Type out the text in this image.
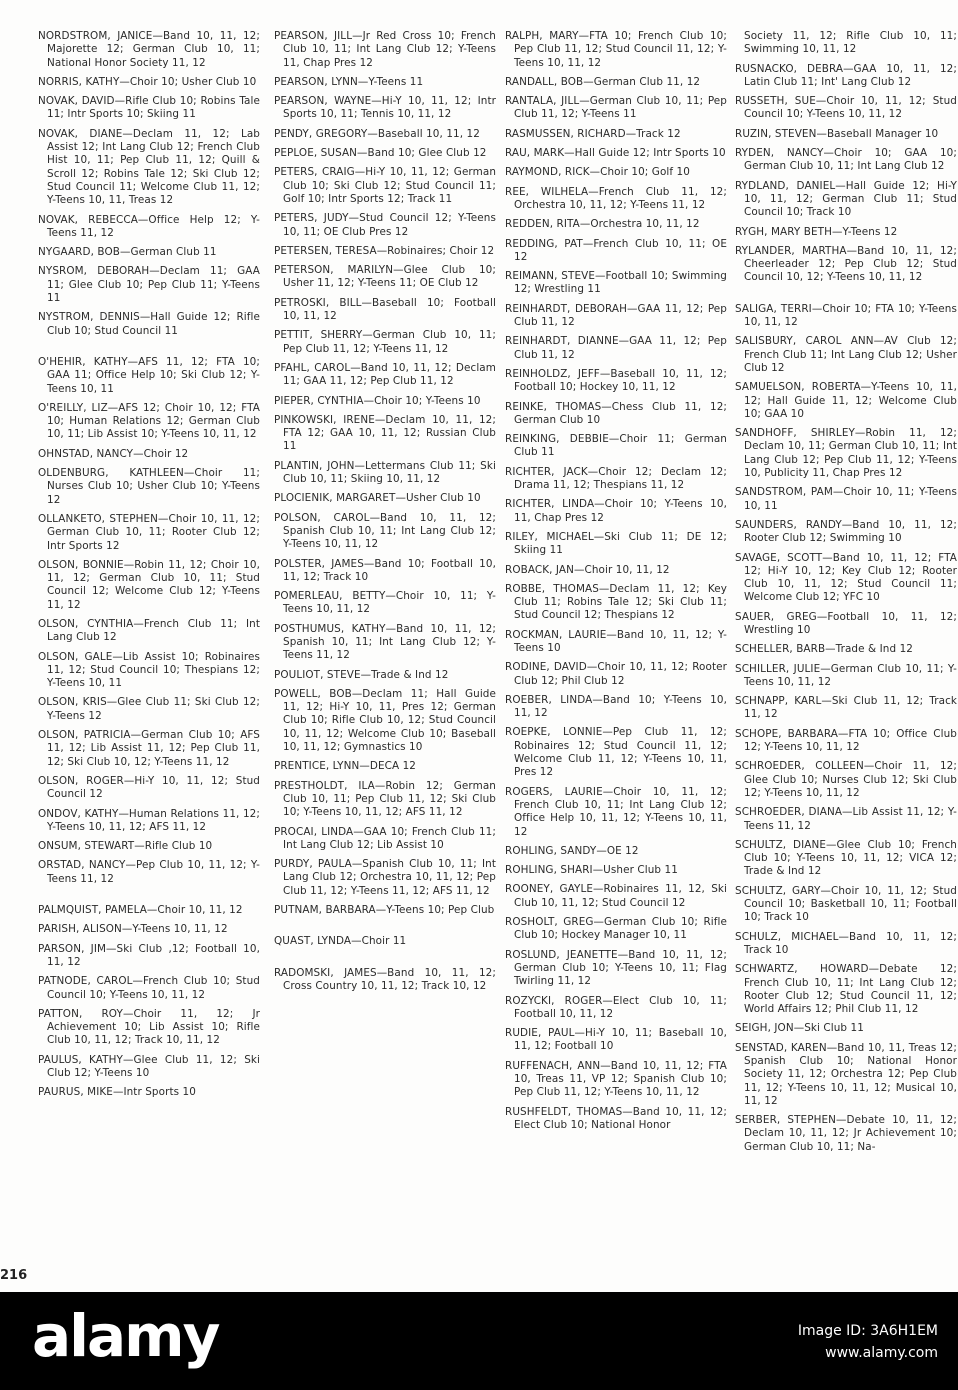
NORDSTROM, JANICE—Band 10, 11, 12; Majorette 12; German Club 10, 11; National Honor Society 11, 12
NORRIS, KATHY—Choir 10; Usher Club 10
NOVAK, DAVID—Rifle Club 10; Robins Tale 11; Intr Sports 10; Skiing 11
NOVAK, DIANE—Declam 11, 12; Lab Assist 12; Int Lang Club 12; French Club Hist 10, 11; Pep Club 11, 12; Quill & Scroll 12; Robins Tale 12; Ski Club 12; Stud Council 11; Welcome Club 11, 12; Y-Teens 10, 11, Treas 12
NOVAK, REBECCA—Office Help 12; Y-Teens 11, 12
NYGAARD, BOB—German Club 11
NYSROM, DEBORAH—Declam 11; GAA 11; Glee Club 10; Pep Club 11; Y-Teens 11
NYSTROM, DENNIS—Hall Guide 12; Rifle Club 10; Stud Council 11
O'HEHIR, KATHY—AFS 11, 12; FTA 10; GAA 11; Office Help 10; Ski Club 12; Y-Teens 10, 11
O'REILLY, LIZ—AFS 12; Choir 10, 12; FTA 10; Human Relations 12; German Club 10, 11; Lib Assist 10; Y-Teens 10, 11, 12
OHNSTAD, NANCY—Choir 12
OLDENBURG, KATHLEEN—Choir 11; Nurses Club 10; Usher Club 10; Y-Teens 12
OLLANKETO, STEPHEN—Choir 10, 11, 12; German Club 10, 11; Rooter Club 12; Intr Sports 12
OLSON, BONNIE—Robin 11, 12; Choir 10, 11, 12; German Club 10, 11; Stud Council 12; Welcome Club 12; Y-Teens 11, 12
OLSON, CYNTHIA—French Club 11; Int Lang Club 12
OLSON, GALE—Lib Assist 10; Robinaires 11, 12; Stud Council 10; Thespians 12; Y-Teens 10, 11
OLSON, KRIS—Glee Club 11; Ski Club 12; Y-Teens 12
OLSON, PATRICIA—German Club 10; AFS 11, 12; Lib Assist 11, 12; Pep Club 11, 12; Ski Club 10, 12; Y-Teens 11, 12
OLSON, ROGER—Hi-Y 10, 11, 12; Stud Council 12
ONDOV, KATHY—Human Relations 11, 12; Y-Teens 10, 11, 12; AFS 11, 12
ONSUM, STEWART—Rifle Club 10
ORSTAD, NANCY—Pep Club 10, 11, 12; Y-Teens 11, 12
PALMQUIST, PAMELA—Choir 10, 11, 12
PARISH, ALISON—Y-Teens 10, 11, 12
PARSON, JIM—Ski Club ,12; Football 10, 11, 12
PATNODE, CAROL—French Club 10; Stud Council 10; Y-Teens 10, 11, 12
PATTON, ROY—Choir 11, 12; Jr Achievement 10; Lib Assist 10; Rifle Club 10, 11, 12; Track 10, 11, 12
PAULUS, KATHY—Glee Club 11, 12; Ski Club 12; Y-Teens 10
PAURUS, MIKE—Intr Sports 10
PEARSON, JILL—Jr Red Cross 10; French Club 10, 11; Int Lang Club 12; Y-Teens 11, Chap Pres 12
PEARSON, LYNN—Y-Teens 11
PEARSON, WAYNE—Hi-Y 10, 11, 12; Intr Sports 10, 11; Tennis 10, 11, 12
PENDY, GREGORY—Baseball 10, 11, 12
PEPLOE, SUSAN—Band 10; Glee Club 12
PETERS, CRAIG—Hi-Y 10, 11, 12; German Club 10; Ski Club 12; Stud Council 11; Golf 10; Intr Sports 12; Track 11
PETERS, JUDY—Stud Council 12; Y-Teens 10, 11; OE Club Pres 12
PETERSEN, TERESA—Robinaires; Choir 12
PETERSON, MARILYN—Glee Club 10; Usher 11, 12; Y-Teens 11; OE Club 12
PETROSKI, BILL—Baseball 10; Football 10, 11, 12
PETTIT, SHERRY—German Club 10, 11; Pep Club 11, 12; Y-Teens 11, 12
PFAHL, CAROL—Band 10, 11, 12; Declam 11; GAA 11, 12; Pep Club 11, 12
PIEPER, CYNTHIA—Choir 10; Y-Teens 10
PINKOWSKI, IRENE—Declam 10, 11, 12; FTA 12; GAA 10, 11, 12; Russian Club 11
PLANTIN, JOHN—Lettermans Club 11; Ski Club 10, 11; Skiing 10, 11, 12
PLOCIENIK, MARGARET—Usher Club 10
POLSON, CAROL—Band 10, 11, 12; Spanish Club 10, 11; Int Lang Club 12; Y-Teens 10, 11, 12
POLSTER, JAMES—Band 10; Football 10, 11, 12; Track 10
POMERLEAU, BETTY—Choir 10, 11; Y-Teens 10, 11, 12
POSTHUMUS, KATHY—Band 10, 11, 12; Spanish 10, 11; Int Lang Club 12; Y-Teens 11, 12
POULIOT, STEVE—Trade & Ind 12
POWELL, BOB—Declam 11; Hall Guide 11, 12; Hi-Y 10, 11, Pres 12; German Club 10; Rifle Club 10, 12; Stud Council 10, 11, 12; Welcome Club 10; Baseball 10, 11, 12; Gymnastics 10
PRENTICE, LYNN—DECA 12
PRESTHOLDT, ILA—Robin 12; German Club 10, 11; Pep Club 11, 12; Ski Club 10; Y-Teens 10, 11, 12; AFS 11, 12
PROCAI, LINDA—GAA 10; French Club 11; Int Lang Club 12; Lib Assist 10
PURDY, PAULA—Spanish Club 10, 11; Int Lang Club 12; Orchestra 10, 11, 12; Pep Club 11, 12; Y-Teens 11, 12; AFS 11, 12
PUTNAM, BARBARA—Y-Teens 10; Pep Club
QUAST, LYNDA—Choir 11
RADOMSKI, JAMES—Band 10, 11, 12; Cross Country 10, 11, 12; Track 10, 12
RALPH, MARY—FTA 10; French Club 10; Pep Club 11, 12; Stud Council 11, 12; Y-Teens 10, 11, 12
RANDALL, BOB—German Club 11, 12
RANTALA, JILL—German Club 10, 11; Pep Club 11, 12; Y-Teens 11
RASMUSSEN, RICHARD—Track 12
RAU, MARK—Hall Guide 12; Intr Sports 10
RAYMOND, RICK—Choir 10; Golf 10
REE, WILHELA—French Club 11, 12; Orchestra 10, 11, 12; Y-Teens 11, 12
REDDEN, RITA—Orchestra 10, 11, 12
REDDING, PAT—French Club 10, 11; OE 12
REIMANN, STEVE—Football 10; Swimming 12; Wrestling 11
REINHARDT, DEBORAH—GAA 11, 12; Pep Club 11, 12
REINHARDT, DIANNE—GAA 11, 12; Pep Club 11, 12
REINHOLDZ, JEFF—Baseball 10, 11, 12; Football 10; Hockey 10, 11, 12
REINKE, THOMAS—Chess Club 11, 12; German Club 10
REINKING, DEBBIE—Choir 11; German Club 11
RICHTER, JACK—Choir 12; Declam 12; Drama 11, 12; Thespians 11, 12
RICHTER, LINDA—Choir 10; Y-Teens 10, 11, Chap Pres 12
RILEY, MICHAEL—Ski Club 11; DE 12; Skiing 11
ROBACK, JAN—Choir 10, 11, 12
ROBBE, THOMAS—Declam 11, 12; Key Club 11; Robins Tale 12; Ski Club 11; Stud Council 12; Thespians 12
ROCKMAN, LAURIE—Band 10, 11, 12; Y-Teens 10
RODINE, DAVID—Choir 10, 11, 12; Rooter Club 12; Phil Club 12
ROEBER, LINDA—Band 10; Y-Teens 10, 11, 12
ROEPKE, LONNIE—Pep Club 11, 12; Robinaires 12; Stud Council 11, 12; Welcome Club 11, 12; Y-Teens 10, 11, Pres 12
ROGERS, LAURIE—Choir 10, 11, 12; French Club 10, 11; Int Lang Club 12; Office Help 10, 11, 12; Y-Teens 10, 11, 12
ROHLING, SANDY—OE 12
ROHLING, SHARI—Usher Club 11
ROONEY, GAYLE—Robinaires 11, 12, Ski Club 10, 11, 12; Stud Council 12
ROSHOLT, GREG—German Club 10; Rifle Club 10; Hockey Manager 10, 11
ROSLUND, JEANETTE—Band 10, 11, 12; German Club 10; Y-Teens 10, 11; Flag Twirling 11, 12
ROZYCKI, ROGER—Elect Club 10, 11; Football 10, 11, 12
RUDIE, PAUL—Hi-Y 10, 11; Baseball 10, 11, 12; Football 10
RUFFENACH, ANN—Band 10, 11, 12; FTA 10, Treas 11, VP 12; Spanish Club 10; Pep Club 11, 12; Y-Teens 10, 11, 12
RUSHFELDT, THOMAS—Band 10, 11, 12; Elect Club 10; National Honor
Society 11, 12; Rifle Club 10, 11; Swimming 10, 11, 12
RUSNACKO, DEBRA—GAA 10, 11, 12; Latin Club 11; Int' Lang Club 12
RUSSETH, SUE—Choir 10, 11, 12; Stud Council 10; Y-Teens 10, 11, 12
RUZIN, STEVEN—Baseball Manager 10
RYDEN, NANCY—Choir 10; GAA 10; German Club 10, 11; Int Lang Club 12
RYDLAND, DANIEL—Hall Guide 12; Hi-Y 10, 11, 12; German Club 11; Stud Council 10; Track 10
RYGH, MARY BETH—Y-Teens 12
RYLANDER, MARTHA—Band 10, 11, 12; Cheerleader 12; Pep Club 12; Stud Council 10, 12; Y-Teens 10, 11, 12
SALIGA, TERRI—Choir 10; FTA 10; Y-Teens 10, 11, 12
SALISBURY, CAROL ANN—AV Club 12; French Club 11; Int Lang Club 12; Usher Club 12
SAMUELSON, ROBERTA—Y-Teens 10, 11, 12; Hall Guide 11, 12; Welcome Club 10; GAA 10
SANDHOFF, SHIRLEY—Robin 11, 12; Declam 10, 11; German Club 10, 11; Int Lang Club 12; Pep Club 11, 12; Y-Teens 10, Publicity 11, Chap Pres 12
SANDSTROM, PAM—Choir 10, 11; Y-Teens 10, 11
SAUNDERS, RANDY—Band 10, 11, 12; Rooter Club 12; Swimming 10
SAVAGE, SCOTT—Band 10, 11, 12; FTA 12; Hi-Y 10, 12; Key Club 12; Rooter Club 10, 11, 12; Stud Council 11; Welcome Club 12; YFC 10
SAUER, GREG—Football 10, 11, 12; Wrestling 10
SCHELLER, BARB—Trade & Ind 12
SCHILLER, JULIE—German Club 10, 11; Y-Teens 10, 11, 12
SCHNAPP, KARL—Ski Club 11, 12; Track 11, 12
SCHOPE, BARBARA—FTA 10; Office Club 12; Y-Teens 10, 11, 12
SCHROEDER, COLLEEN—Choir 11, 12; Glee Club 10; Nurses Club 12; Ski Club 12; Y-Teens 10, 11, 12
SCHROEDER, DIANA—Lib Assist 11, 12; Y-Teens 11, 12
SCHULTZ, DIANE—Glee Club 10; French Club 10; Y-Teens 10, 11, 12; VICA 12; Trade & Ind 12
SCHULTZ, GARY—Choir 10, 11, 12; Stud Council 10; Basketball 10, 11; Football 10; Track 10
SCHULZ, MICHAEL—Band 10, 11, 12; Track 10
SCHWARTZ, HOWARD—Debate 12; French Club 10, 11; Int Lang Club 12; Rooter Club 12; Stud Council 11, 12; World Affairs 12; Phil Club 11, 12
SEIGH, JON—Ski Club 11
SENSTAD, KAREN—Band 10, 11, Treas 12; Spanish Club 10; National Honor Society 11, 12; Orchestra 12; Pep Club 11, 12; Y-Teens 10, 11, 12; Musical 10, 11, 12
SERBER, STEPHEN—Debate 10, 11, 12; Declam 10, 11, 12; Jr Achievement 10; German Club 10, 11; Na-
216
alamy	Image ID: 3A6H1EM
www.alamy.com
